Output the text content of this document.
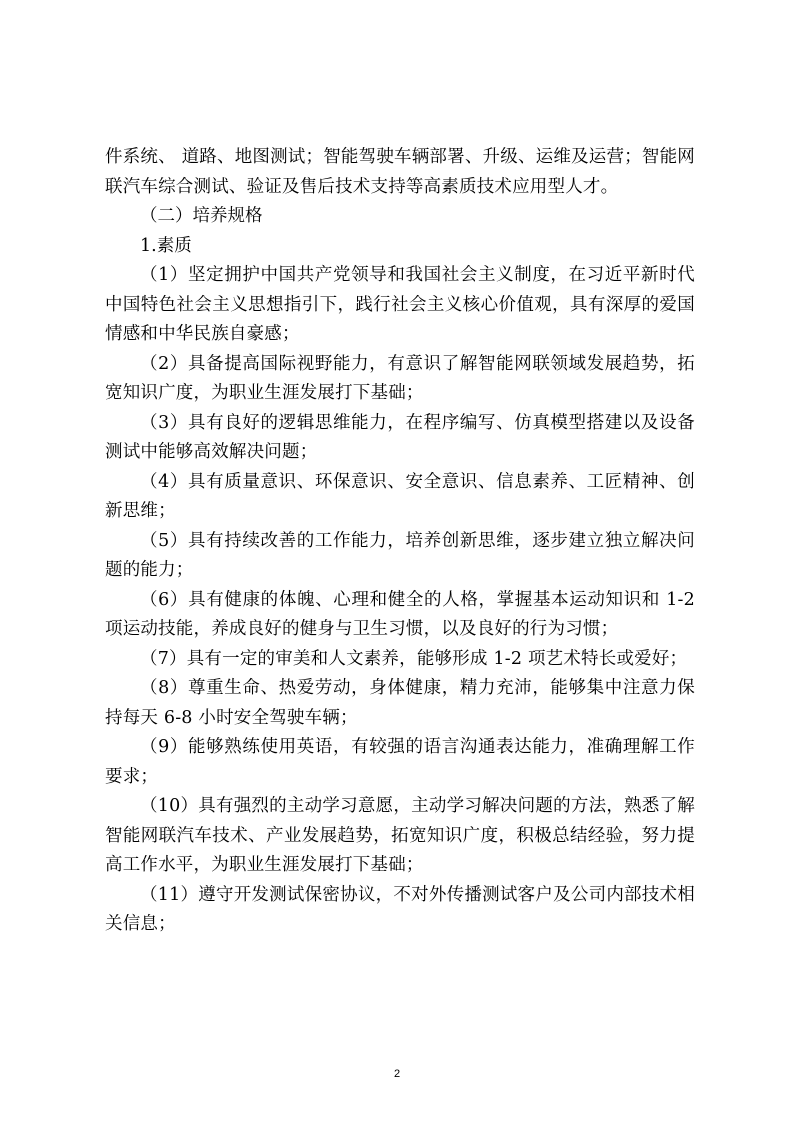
件系统、 道路、地图测试；智能驾驶车辆部署、升级、运维及运营；智能网联汽车综合测试、验证及售后技术支持等高素质技术应用型人才。

（二）培养规格

1.素质

（1）坚定拥护中国共产党领导和我国社会主义制度，在习近平新时代中国特色社会主义思想指引下，践行社会主义核心价值观，具有深厚的爱国情感和中华民族自豪感；

（2）具备提高国际视野能力，有意识了解智能网联领域发展趋势，拓宽知识广度，为职业生涯发展打下基础；

（3）具有良好的逻辑思维能力，在程序编写、仿真模型搭建以及设备测试中能够高效解决问题；

（4）具有质量意识、环保意识、安全意识、信息素养、工匠精神、创新思维；

（5）具有持续改善的工作能力，培养创新思维，逐步建立独立解决问题的能力；

（6）具有健康的体魄、心理和健全的人格，掌握基本运动知识和 1-2 项运动技能，养成良好的健身与卫生习惯，以及良好的行为习惯；

（7）具有一定的审美和人文素养，能够形成 1-2 项艺术特长或爱好；

（8）尊重生命、热爱劳动，身体健康，精力充沛，能够集中注意力保持每天 6-8 小时安全驾驶车辆；

（9）能够熟练使用英语，有较强的语言沟通表达能力，准确理解工作要求；

（10）具有强烈的主动学习意愿，主动学习解决问题的方法，熟悉了解智能网联汽车技术、产业发展趋势，拓宽知识广度，积极总结经验，努力提高工作水平，为职业生涯发展打下基础；

（11）遵守开发测试保密协议，不对外传播测试客户及公司内部技术相关信息；

2
